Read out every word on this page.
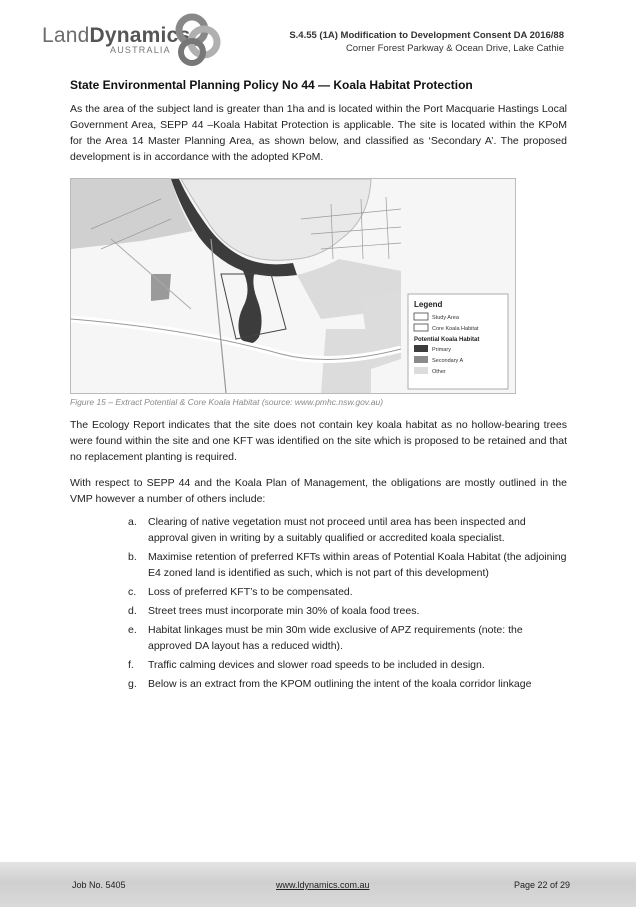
LandDynamics
AUSTRALIA
S.4.55 (1A) Modification to Development Consent DA 2016/88
Corner Forest Parkway & Ocean Drive, Lake Cathie
State Environmental Planning Policy No 44 — Koala Habitat Protection

As the area of the subject land is greater than 1ha and is located within the Port Macquarie Hastings Local Government Area, SEPP 44 –Koala Habitat Protection is applicable. The site is located within the KPoM for the Area 14 Master Planning Area, as shown below, and classified as ‘Secondary A’. The proposed development is in accordance with the adopted KPoM.

Legend
Study Area
Core Koala Habitat
Potential Koala Habitat
Primary
Secondary A
Other
Figure 15 – Extract Potential & Core Koala Habitat (source: www.pmhc.nsw.gov.au)

The Ecology Report indicates that the site does not contain key koala habitat as no hollow-bearing trees were found within the site and one KFT was identified on the site which is proposed to be retained and that no replacement planting is required.

With respect to SEPP 44 and the Koala Plan of Management, the obligations are mostly outlined in the VMP however a number of others include:

a. Clearing of native vegetation must not proceed until area has been inspected and approval given in writing by a suitably qualified or accredited koala specialist.
b. Maximise retention of preferred KFTs within areas of Potential Koala Habitat (the adjoining E4 zoned land is identified as such, which is not part of this development)
c. Loss of preferred KFT’s to be compensated.
d. Street trees must incorporate min 30% of koala food trees.
e. Habitat linkages must be min 30m wide exclusive of APZ requirements (note: the approved DA layout has a reduced width).
f. Traffic calming devices and slower road speeds to be included in design.
g. Below is an extract from the KPOM outlining the intent of the koala corridor linkage
Job No. 5405	www.ldynamics.com.au	Page 22 of 29
